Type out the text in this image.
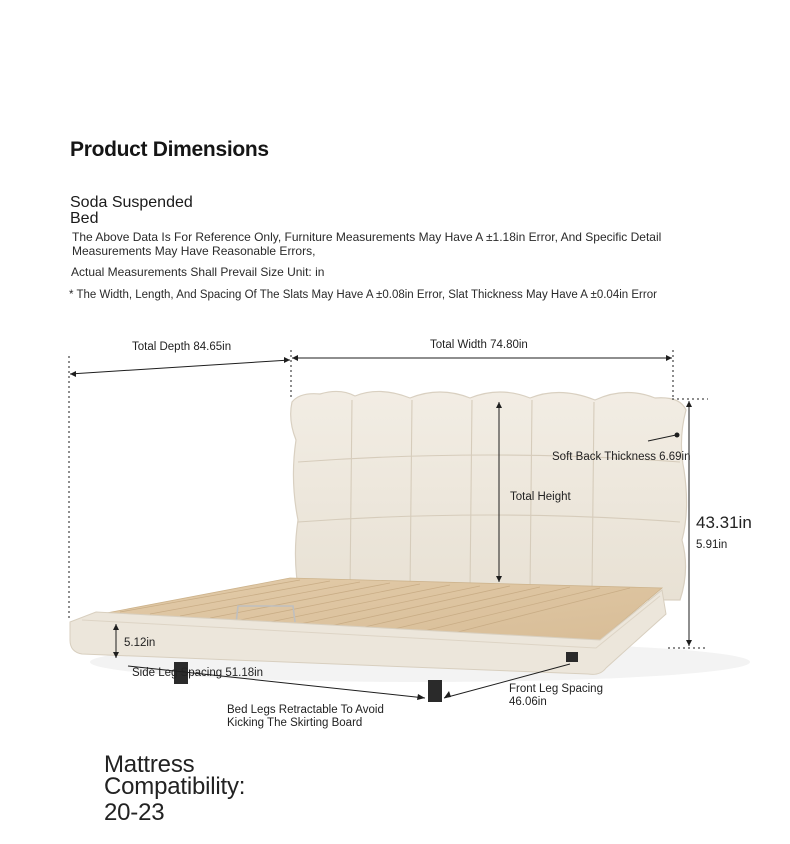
Product Dimensions
Soda Suspended
Bed
The Above Data Is For Reference Only, Furniture Measurements May Have A ±1.18in Error, And Specific Detail
Measurements May Have Reasonable Errors,
Actual Measurements Shall Prevail Size Unit: in
* The Width, Length, And Spacing Of The Slats May Have A ±0.08in Error, Slat Thickness May Have A ±0.04in Error
Total Depth 84.65in	Total Width 74.80in
Soft Back Thickness 6.69in
Total Height
43.31in
5.91in
5.12in
Side Leg Spacing 51.18in
Front Leg Spacing
46.06in
Bed Legs Retractable To Avoid
Kicking The Skirting Board
Mattress
Compatibility:
20-23
